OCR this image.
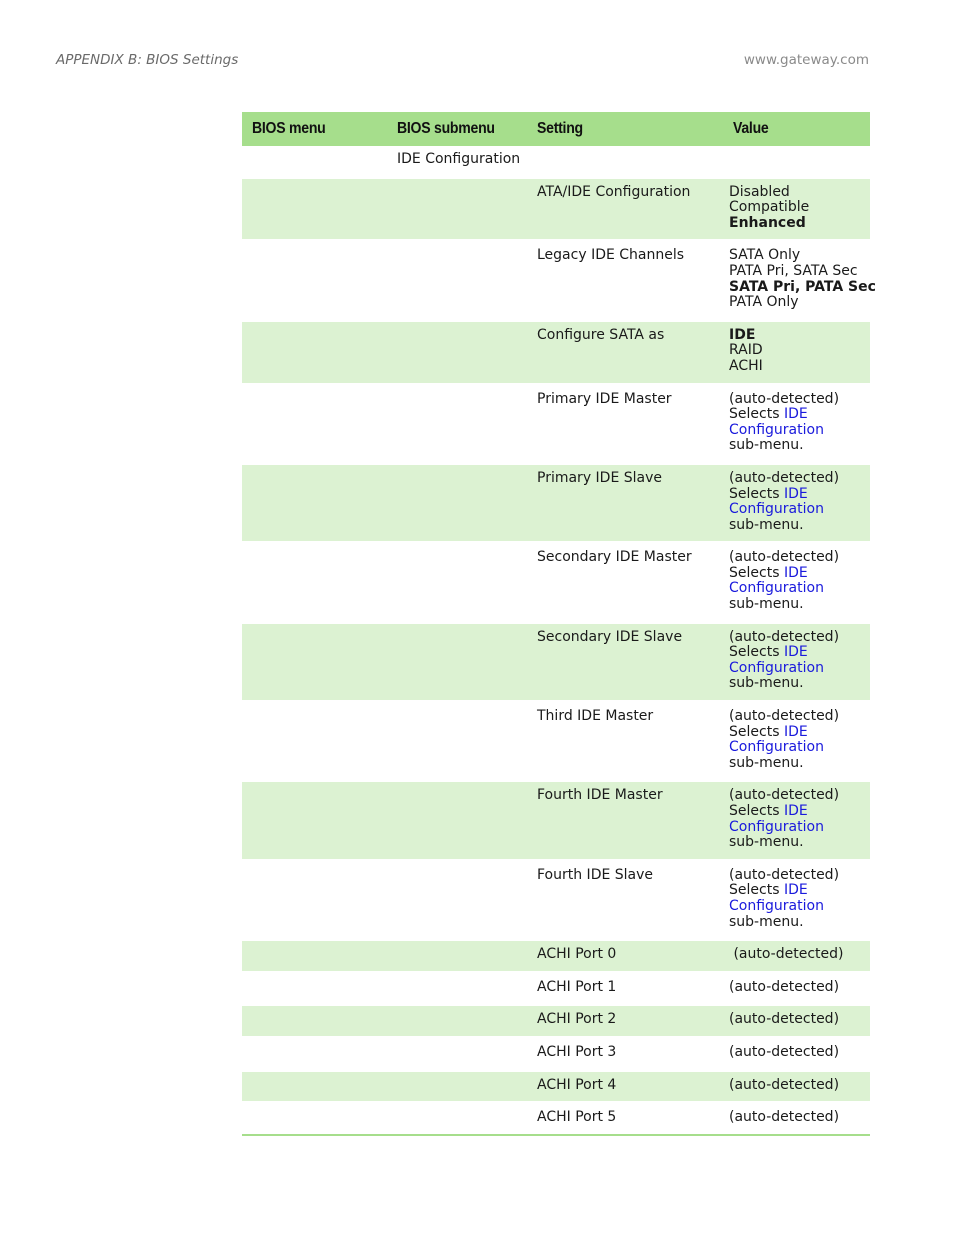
APPENDIX B: BIOS Settings	www.gateway.com
BIOS menu	BIOS submenu	Setting	Value
	IDE Configuration		
		ATA/IDE Configuration	Disabled
Compatible
Enhanced

		Legacy IDE Channels	SATA Only
PATA Pri, SATA Sec
SATA Pri, PATA Sec
PATA Only

		Configure SATA as	IDE
RAID
ACHI

		Primary IDE Master	(auto-detected)
Selects IDE
Configuration
sub-menu.

		Primary IDE Slave	(auto-detected)
Selects IDE
Configuration
sub-menu.

		Secondary IDE Master	(auto-detected)
Selects IDE
Configuration
sub-menu.

		Secondary IDE Slave	(auto-detected)
Selects IDE
Configuration
sub-menu.

		Third IDE Master	(auto-detected)
Selects IDE
Configuration
sub-menu.

		Fourth IDE Master	(auto-detected)
Selects IDE
Configuration
sub-menu.

		Fourth IDE Slave	(auto-detected)
Selects IDE
Configuration
sub-menu.

		ACHI Port 0	(auto-detected)

		ACHI Port 1	(auto-detected)

		ACHI Port 2	(auto-detected)

		ACHI Port 3	(auto-detected)

		ACHI Port 4	(auto-detected)

		ACHI Port 5	(auto-detected)
